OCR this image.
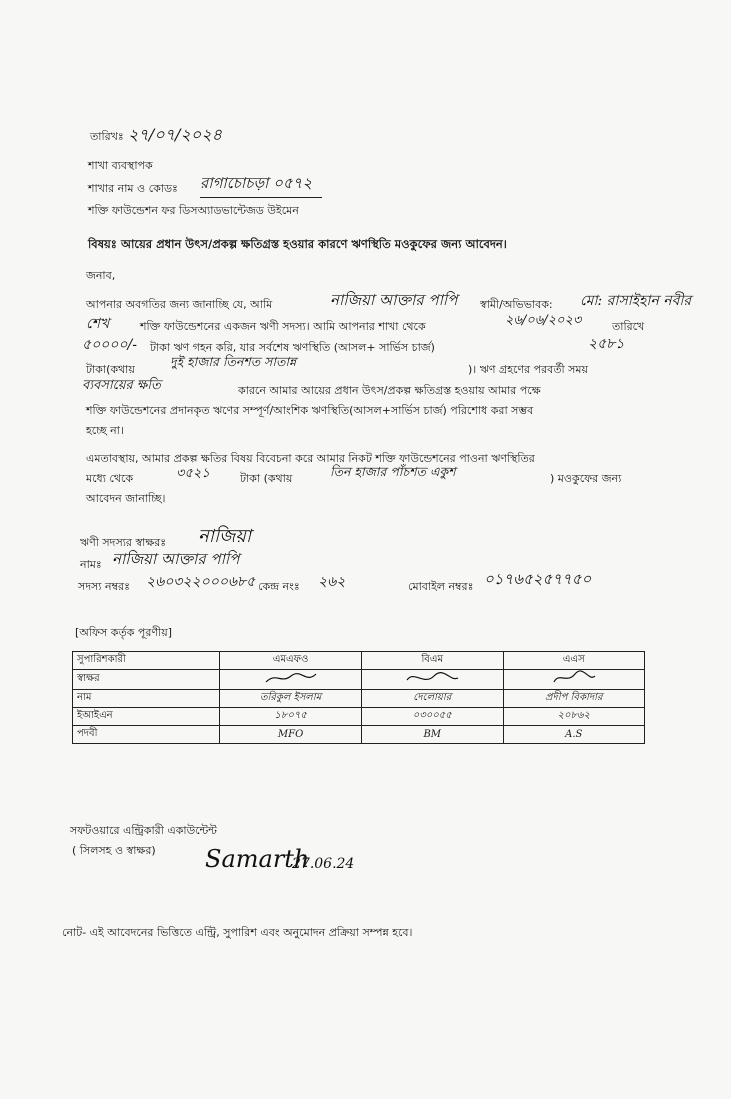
তারিখঃ ২৭/০৭/২০২৪
শাখা ব্যবস্থাপক
শাখার নাম ও কোডঃ রাগাচোচড়া ০৫৭২
শক্তি ফাউন্ডেশন ফর ডিসঅ্যাডভান্টেজড উইমেন
বিষয়ঃ আয়ের প্রধান উৎস/প্রকল্প ক্ষতিগ্রস্ত হওয়ার কারণে ঋণস্থিতি মওকুফের জন্য আবেদন।
জনাব,
আপনার অবগতির জন্য জানাচ্ছি যে, আমি	নাজিয়া আক্তার পাপি স্বামী/অভিভাবক: মো: রাসাইহান নবীর
শেখ	শক্তি ফাউন্ডেশনের একজন ঋণী সদস্য। আমি আপনার শাখা থেকে	২৬/০৬/২০২৩	তারিখে
৫০০০০/- টাকা ঋণ গহন করি, যার সর্বশেষ ঋণস্থিতি (আসল+ সার্ভিস চার্জ)	২৫৮১
টাকা(কথায়
দুই হাজার তিনশত সাতান্ন
)। ঋণ গ্রহণের পরবর্তী সময়
ব্যবসায়ের ক্ষতি	কারনে আমার আয়ের প্রধান উৎস/প্রকল্প ক্ষতিগ্রস্ত হওয়ায় আমার পক্ষে
শক্তি ফাউন্ডেশনের প্রদানকৃত ঋণের সম্পূর্ণ/আংশিক ঋণস্থিতি(আসল+সার্ভিস চার্জ) পরিশোধ করা সম্ভব
হচ্ছে না।
এমতাবস্থায়, আমার প্রকল্প ক্ষতির বিষয় বিবেচনা করে আমার নিকট শক্তি ফাউন্ডেশনের পাওনা ঋণস্থিতির
মধ্যে থেকে	৩৫২১	টাকা (কথায়	তিন হাজার পাঁচশত একুশ	) মওকুফের জন্য
আবেদন জানাচ্ছি।
ঋণী সদস্যর স্বাক্ষরঃ নাজিয়া
নামঃ নাজিয়া আক্তার পাপি
সদস্য নম্বরঃ ২৬০৩২২০০০৬৮৫ কেন্দ্র নংঃ ২৬২	মোবাইল নম্বরঃ ০১৭৬৫২৫৭৭৫০
[অফিস কর্তৃক পূরণীয়]
সুপারিশকারী	এমএফও	বিএম	এএস
স্বাক্ষর			
নাম	তরিকুল ইসলাম	দেলোয়ার	প্রদীপ বিকাদার
ইআইএন	১৮০৭৫	০৩০০৫৫	২০৮৬২
পদবী	MFO	BM	A.S
সফটওয়ারে এন্ট্রিকারী একাউন্টেন্ট
( সিলসহ ও স্বাক্ষর) Samarth
27.06.24
নোট- এই আবেদনের ভিত্তিতে এন্ট্রি, সুপারিশ এবং অনুমোদন প্রক্রিয়া সম্পন্ন হবে।
